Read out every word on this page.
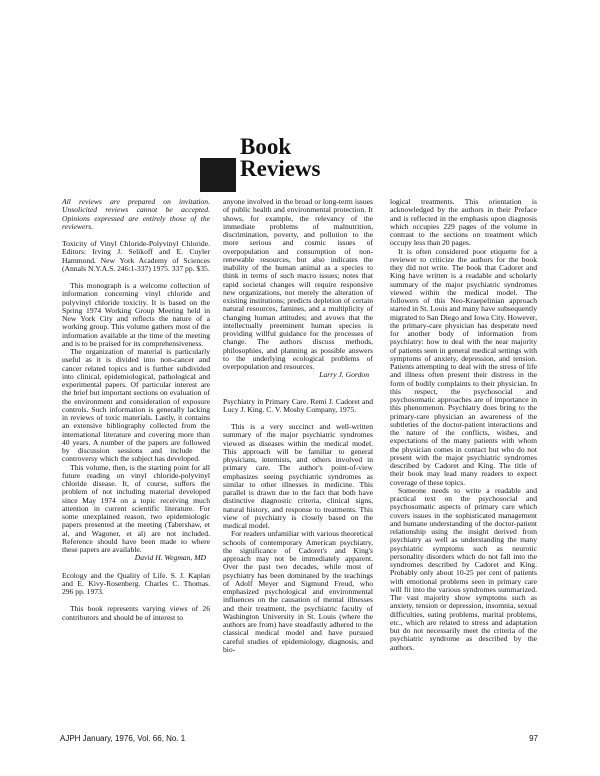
Book
Reviews

All reviews are prepared on invitation. Unsolicited reviews cannot be accepted. Opinions expressed are entirely those of the reviewers.

Toxicity of Vinyl Chloride-Polyvinyl Chloride. Editors: Irving J. Selikoff and E. Cuyler Hammond. New York Academy of Sciences (Annals N.Y.A.S. 246:1-337) 1975. 337 pp. $35.

This monograph is a welcome collection of information concerning vinyl chloride and polyvinyl chloride toxicity. It is based on the Spring 1974 Working Group Meeting held in New York City and reflects the nature of a working group. This volume gathers most of the information available at the time of the meeting and is to be praised for its comprehensiveness.

The organization of material is particularly useful as it is divided into non-cancer and cancer related topics and is further subdivided into clinical, epidemiological, pathological and experimental papers. Of particular interest are the brief but important sections on evaluation of the environment and consideration of exposure controls. Such information is generally lacking in reviews of toxic materials. Lastly, it contains an extensive bibliography collected from the international literature and covering more than 40 years. A number of the papers are followed by discussion sessions and include the controversy which the subject has developed.

This volume, then, is the starting point for all future reading on vinyl chloride-polyvinyl chloride disease. It, of course, suffers the problem of not including material developed since May 1974 on a topic receiving much attention in current scientific literature. For some unexplained reason, two epidemiologic papers presented at the meeting (Tabershaw, et al, and Wagoner, et al) are not included. Reference should have been made to where these papers are available.

David H. Wegman, MD

Ecology and the Quality of Life. S. J. Kaplan and E. Kivy-Rosenberg. Charles C. Thomas. 296 pp. 1973.

This book represents varying views of 26 contributors and should be of interest to

anyone involved in the broad or long-term issues of public health and environmental protection. It shows, for example, the relevancy of the immediate problems of malnutrition, discrimination, poverty, and pollution to the more serious and cosmic issues of overpopulation and consumption of non-renewable resources, but also indicates the inability of the human animal as a species to think in terms of such macro issues; notes that rapid societal changes will require responsive new organizations, not merely the alteration of existing institutions; predicts depletion of certain natural resources, famines, and a multiplicity of changing human attitudes; and avows that the intellectually preeminent human species is providing willful guidance for the processes of change. The authors discuss methods, philosophies, and planning as possible answers to the underlying ecological problems of overpopulation and resources.

Larry J. Gordon

Psychiatry in Primary Care. Remi J. Cadoret and Lucy J. King. C. V. Mosby Company, 1975.

This is a very succinct and well-written summary of the major psychiatric syndromes viewed as diseases within the medical model. This approach will be familiar to general physicians, internists, and others involved in primary care. The author's point-of-view emphasizes seeing psychiatric syndromes as similar to other illnesses in medicine. This parallel is drawn due to the fact that both have distinctive diagnostic criteria, clinical signs, natural history, and response to treatments. This view of psychiatry is closely based on the medical model.

For readers unfamiliar with various theoretical schools of contemporary American psychiatry, the significance of Cadoret's and King's approach may not be immediately apparent. Over the past two decades, while most of psychiatry has been dominated by the teachings of Adolf Meyer and Sigmund Freud, who emphasized psychological and environmental influences on the causation of mental illnesses and their treatment, the psychiatric faculty of Washington University in St. Louis (where the authors are from) have steadfastly adhered to the classical medical model and have pursued careful studies of epidemiology, diagnosis, and bio-

logical treatments. This orientation is acknowledged by the authors in their Preface and is reflected in the emphasis upon diagnosis which occupies 229 pages of the volume in contrast to the sections on treatment which occupy less than 20 pages.

It is often considered poor etiquette for a reviewer to criticize the authors for the book they did not write. The book that Cadoret and King have written is a readable and scholarly summary of the major psychiatric syndromes viewed within the medical model. The followers of this Neo-Kraepelinian approach started in St. Louis and many have subsequently migrated to San Diego and Iowa City. However, the primary-care physician has desperate need for another body of information from psychiatry: how to deal with the near majority of patients seen in general medical settings with symptoms of anxiety, depression, and tension. Patients attempting to deal with the stress of life and illness often present their distress in the form of bodily complaints to their physician. In this respect, the psychosocial and psychosomatic approaches are of importance in this phenomenon. Psychiatry does bring to the primary-care physician an awareness of the subtleties of the doctor-patient interactions and the nature of the conflicts, wishes, and expectations of the many patients with whom the physician comes in contact but who do not present with the major psychiatric syndromes described by Cadoret and King. The title of their book may lead many readers to expect coverage of these topics.

Someone needs to write a readable and practical text on the psychosocial and psychosomatic aspects of primary care which covers issues in the sophisticated management and humane understanding of the doctor-patient relationship using the insight derived from psychiatry as well as understanding the many psychiatric symptoms such as neurotic personality disorders which do not fall into the syndromes described by Cadoret and King. Probably only about 10-25 per cent of patients with emotional problems seen in primary care will fit into the various syndromes summarized. The vast majority show symptoms such as anxiety, tension or depression, insomnia, sexual difficulties, eating problems, marital problems, etc., which are related to stress and adaptation but do not necessarily meet the criteria of the psychiatric syndrome as described by the authors.

AJPH January, 1976, Vol. 66, No. 1	97
